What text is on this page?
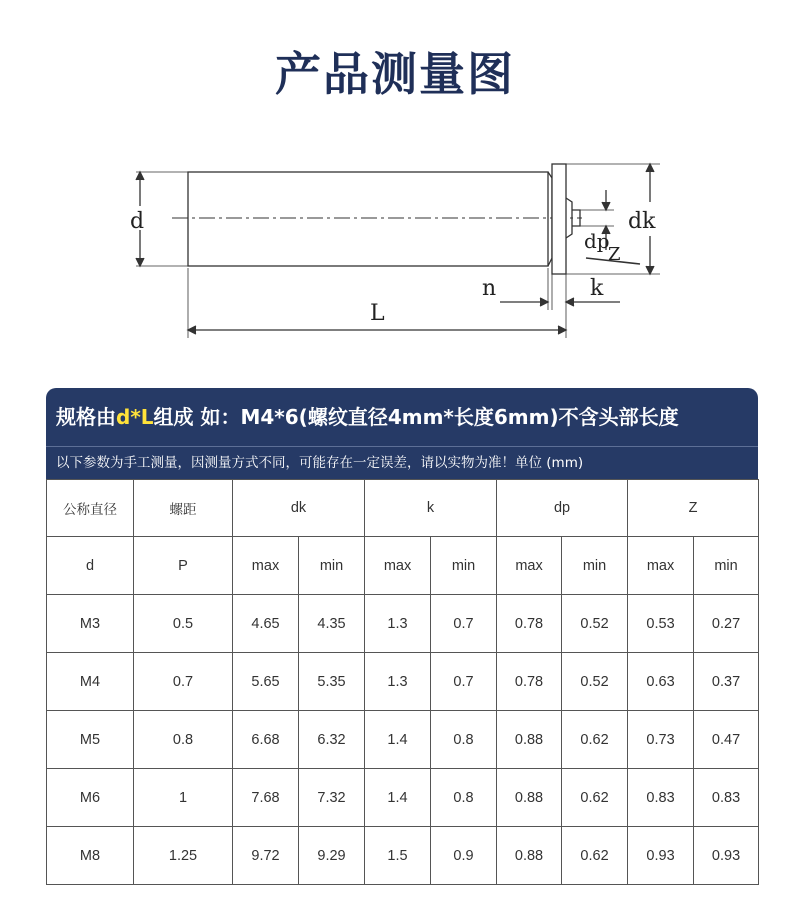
产品测量图
d
L
n	k
dk
dp
Z
规格由d*L组成 如：M4*6(螺纹直径4mm*长度6mm)不含头部长度
以下参数为手工测量，因测量方式不同，可能存在一定误差，请以实物为准！单位 (mm)
公称直径	螺距	dk		k		dp		Z	
d	P	max	min	max	min	max	min	max	min
M3	0.5	4.65	4.35	1.3	0.7	0.78	0.52	0.53	0.27
M4	0.7	5.65	5.35	1.3	0.7	0.78	0.52	0.63	0.37
M5	0.8	6.68	6.32	1.4	0.8	0.88	0.62	0.73	0.47
M6	1	7.68	7.32	1.4	0.8	0.88	0.62	0.83	0.83
M8	1.25	9.72	9.29	1.5	0.9	0.88	0.62	0.93	0.93
